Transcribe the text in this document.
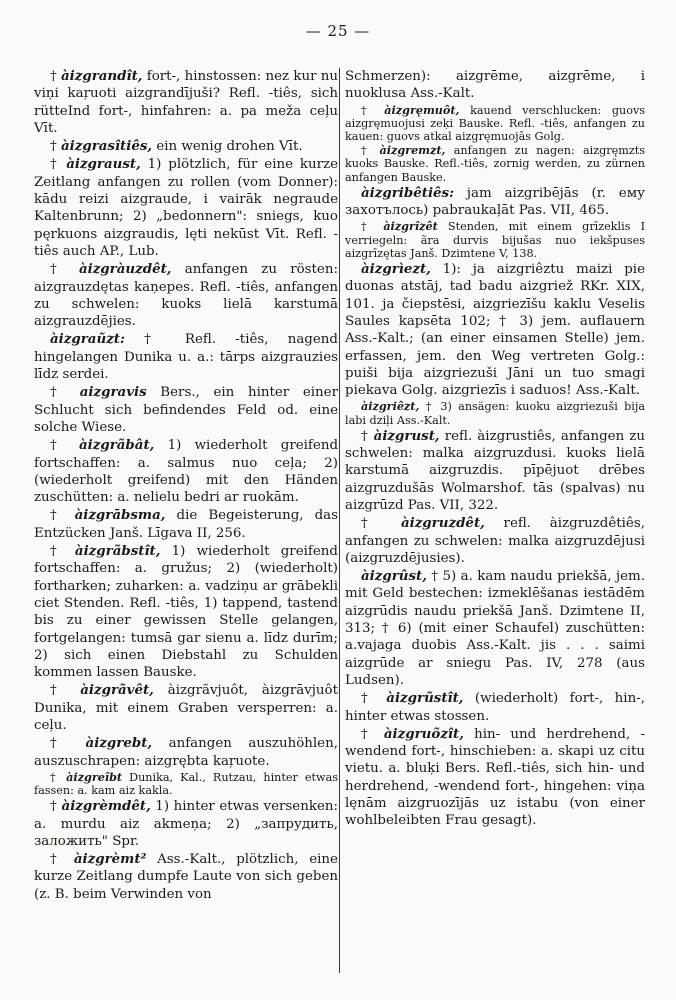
— 25 —

† àizgrandît, fort-, hinstossen: nez kur nu viņi kaŗuoti aizgrandījuši? Refl. -tiês, sich rütteInd fort-, hinfahren: a. pa meža ceļu Vīt.

† àizgrasîtiês, ein wenig drohen Vīt.

† àizgraust, 1) plötzlich, für eine kurze Zeitlang anfangen zu rollen (vom Donner): kādu reizi aizgraude, i vairāk negraude Kaltenbrunn; 2) „bedonnern": sniegs, kuo pęrkuons aizgraudis, lęti nekūst Vīt. Refl. -tiês auch AP., Lub.

† àizgràuzdêt, anfangen zu rösten: aizgrauzdętas kaņepes. Refl. -tiês, anfangen zu schwelen: kuoks lielā karstumā aizgrauzdējies.

àizgraũzt: † Refl. -tiês, nagend hingelangen Dunika u. a.: tārps aizgrauzies līdz serdei.

† aizgravis Bers., ein hinter einer Schlucht sich befindendes Feld od. eine solche Wiese.

† àizgrãbât, 1) wiederholt greifend fortschaffen: a. salmus nuo ceļa; 2) (wiederholt greifend) mit den Händen zuschütten: a. nelielu bedri ar ruokām.

† àizgrābsma, die Begeisterung, das Entzücken Janš. Līgava II, 256.

† àizgrãbstît, 1) wiederholt greifend fortschaffen: a. gružus; 2) (wiederholt) fortharken; zuharken: a. vadziņu ar grābekli ciet Stenden. Refl. -tiês, 1) tappend, tastend bis zu einer gewissen Stelle gelangen, fortgelangen: tumsā gar sienu a. līdz durīm; 2) sich einen Diebstahl zu Schulden kommen lassen Bauske.

† àizgrãvêt, àizgrãvjuôt, àizgrāvjuôt Dunika, mit einem Graben versperren: a. ceļu.

† àizgrebt, anfangen auszuhöhlen, auszuschrapen: aizgrębta kaŗuote.

† àizgreîbt Dunika, Kal., Rutzau, hinter etwas fassen: a. kam aiz kakla.

† àizgrèmdêt, 1) hinter etwas versenken: a. murdu aiz akmeņa; 2) „запрудить, заложить" Spr.

† àizgrèmt² Ass.-Kalt., plötzlich, eine kurze Zeitlang dumpfe Laute von sich geben (z. B. beim Verwinden von

Schmerzen): aizgrēme, aizgrēme, i nuoklusa Ass.-Kalt.

† àizgręmuôt, kauend verschlucken: guovs aizgręmuojusi zeķi Bauske. Refl. -tiês, anfangen zu kauen: guovs atkal aizgręmuojās Golg.

† àizgremzt, anfangen zu nagen: aizgręmzts kuoks Bauske. Refl.-tiês, zornig werden, zu zürnen anfangen Bauske.

àizgribêtiês: jam aizgribējās (r. ему захотълось) pabraukaļāt Pas. VII, 465.

† àizgrîzêt Stenden, mit einem grīzeklis I verriegeln: ãra durvis bijušas nuo iekšpuses aizgrīzętas Janš. Dzimtene V, 138.

àizgrìezt, 1): ja aizgriêztu maizi pie duonas atstāj, tad badu aizgriež RKr. XIX, 101. ja čiepstēsi, aizgriezīšu kaklu Veselis Saules kapsēta 102; † 3) jem. auflauern Ass.-Kalt.; (an einer einsamen Stelle) jem. erfassen, jem. den Weg vertreten Golg.: puiši bija aizgriezuši Jāni un tuo smagi piekava Golg. aizgriezīs i saduos! Ass.-Kalt.

àizgriêzt, † 3) ansägen: kuoku aizgriezuši bija labi dziļi Ass.-Kalt.

† àizgrust, refl. àizgrustiês, anfangen zu schwelen: malka aizgruzdusi. kuoks lielā karstumā aizgruzdis. pīpējuot drēbes aizgruzdušās Wolmarshof. tās (spalvas) nu aizgrūzd Pas. VII, 322.

† àizgruzdêt, refl. àizgruzdêtiês, anfangen zu schwelen: malka aizgruzdējusi (aizgruzdējusies).

àizgrûst, † 5) a. kam naudu priekšā, jem. mit Geld bestechen: izmeklēšanas iestādēm aizgrūdis naudu priekšā Janš. Dzimtene II, 313; † 6) (mit einer Schaufel) zuschütten: a.vajaga duobis Ass.-Kalt. jis . . . saimi aizgrūde ar sniegu Pas. IV, 278 (aus Ludsen).

† àizgrũstît, (wiederholt) fort-, hin-, hinter etwas stossen.

† àizgruõzît, hin- und herdrehend, -wendend fort-, hinschieben: a. skapi uz citu vietu. a. bluķi Bers. Refl.-tiês, sich hin- und herdrehend, -wendend fort-, hingehen: viņa lęnām aizgruozījās uz istabu (von einer wohlbeleibten Frau gesagt).
